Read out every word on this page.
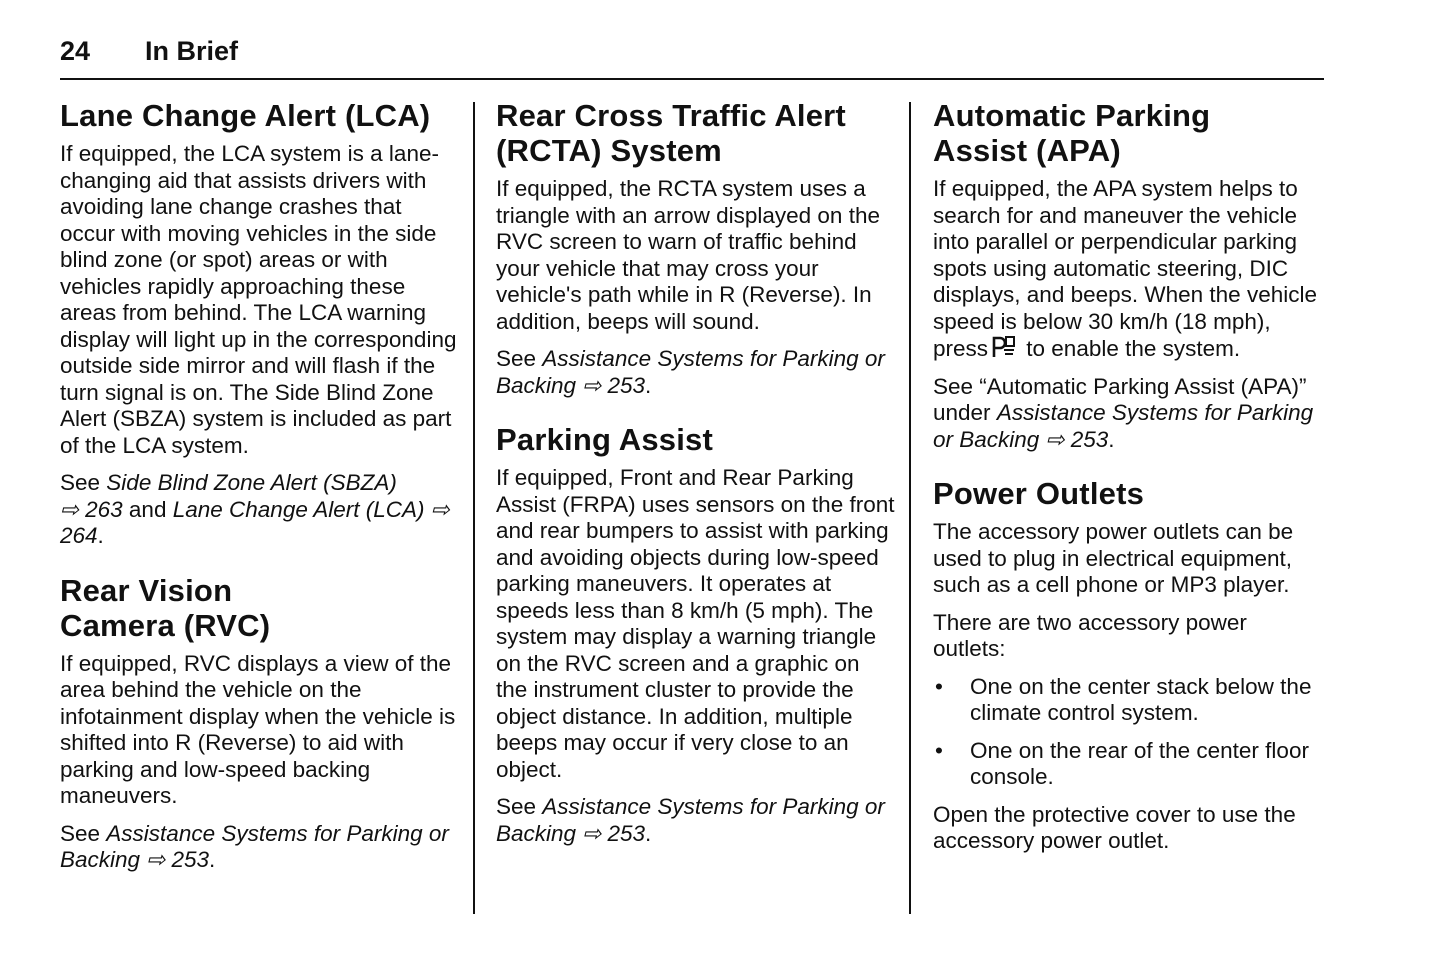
24 In Brief
Lane Change Alert (LCA)

If equipped, the LCA system is a lane-changing aid that assists drivers with avoiding lane change crashes that occur with moving vehicles in the side blind zone (or spot) areas or with vehicles rapidly approaching these areas from behind. The LCA warning display will light up in the corresponding outside side mirror and will flash if the turn signal is on. The Side Blind Zone Alert (SBZA) system is included as part of the LCA system.

See Side Blind Zone Alert (SBZA)
⇨ 263 and Lane Change Alert (LCA) ⇨ 264.

Rear Vision
Camera (RVC)

If equipped, RVC displays a view of the area behind the vehicle on the infotainment display when the vehicle is shifted into R (Reverse) to aid with parking and low-speed backing maneuvers.

See Assistance Systems for Parking or Backing ⇨ 253.

Rear Cross Traffic Alert
(RCTA) System

If equipped, the RCTA system uses a triangle with an arrow displayed on the RVC screen to warn of traffic behind your vehicle that may cross your vehicle's path while in R (Reverse). In addition, beeps will sound.

See Assistance Systems for Parking or Backing ⇨ 253.

Parking Assist

If equipped, Front and Rear Parking Assist (FRPA) uses sensors on the front and rear bumpers to assist with parking and avoiding objects during low-speed parking maneuvers. It operates at speeds less than 8 km/h (5 mph). The system may display a warning triangle on the RVC screen and a graphic on the instrument cluster to provide the object distance. In addition, multiple beeps may occur if very close to an object.

See Assistance Systems for Parking or Backing ⇨ 253.

Automatic Parking
Assist (APA)

If equipped, the APA system helps to search for and maneuver the vehicle into parallel or perpendicular parking spots using automatic steering, DIC displays, and beeps. When the vehicle speed is below 30 km/h (18 mph), press to enable the system.

See “Automatic Parking Assist (APA)” under Assistance Systems for Parking or Backing ⇨ 253.

Power Outlets

The accessory power outlets can be used to plug in electrical equipment, such as a cell phone or MP3 player.

There are two accessory power outlets:

• One on the center stack below the climate control system.
• One on the rear of the center floor console.

Open the protective cover to use the accessory power outlet.
